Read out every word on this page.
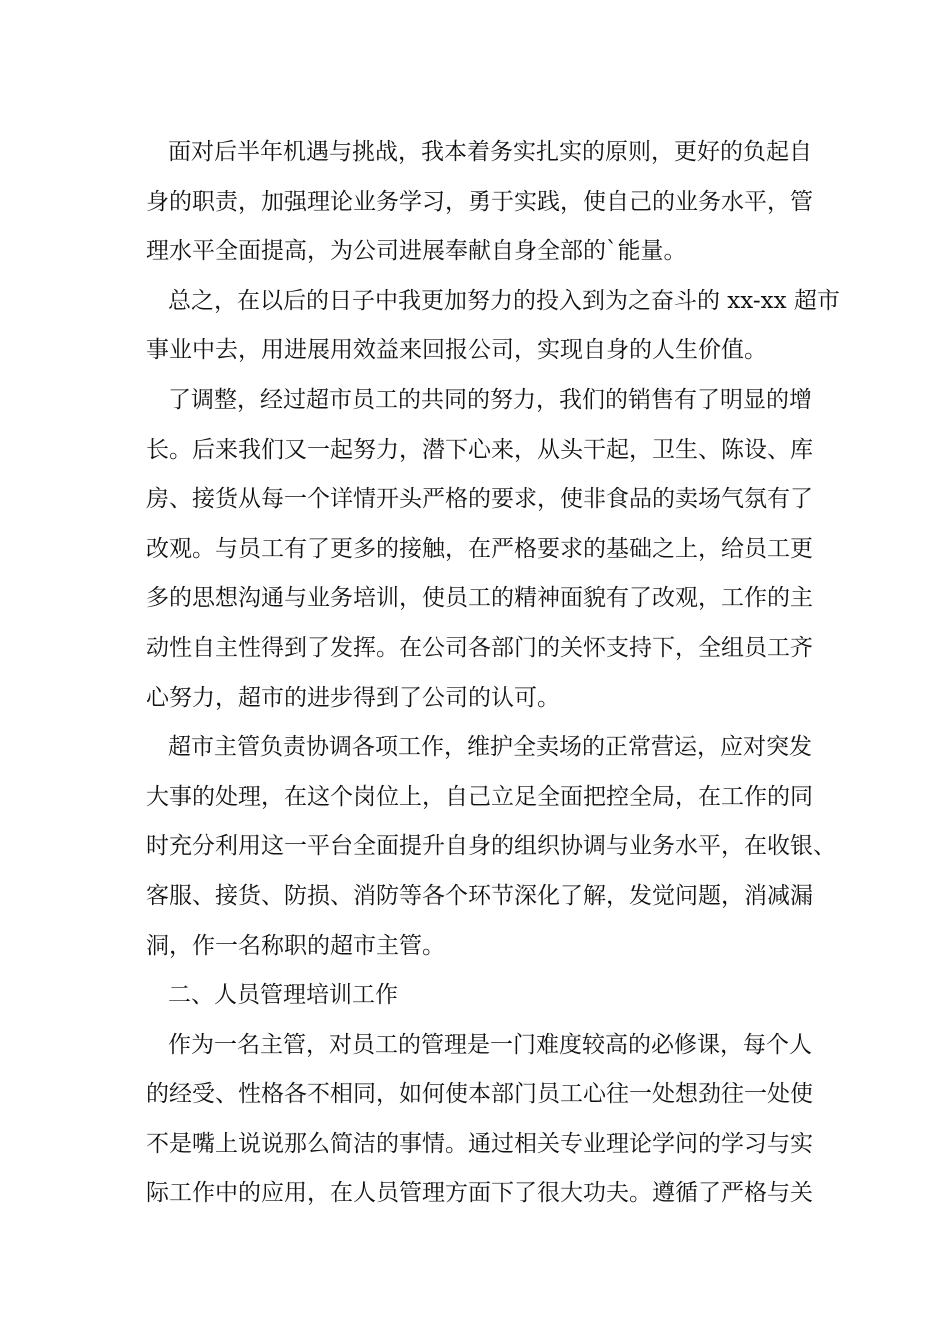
面对后半年机遇与挑战，我本着务实扎实的原则，更好的负起自
身的职责，加强理论业务学习，勇于实践，使自己的业务水平，管
理水平全面提高，为公司进展奉献自身全部的`能量。
总之，在以后的日子中我更加努力的投入到为之奋斗的 xx-xx 超市
事业中去，用进展用效益来回报公司，实现自身的人生价值。
了调整，经过超市员工的共同的努力，我们的销售有了明显的增
长。后来我们又一起努力，潜下心来，从头干起，卫生、陈设、库
房、接货从每一个详情开头严格的要求，使非食品的卖场气氛有了
改观。与员工有了更多的接触，在严格要求的基础之上，给员工更
多的思想沟通与业务培训，使员工的精神面貌有了改观，工作的主
动性自主性得到了发挥。在公司各部门的关怀支持下，全组员工齐
心努力，超市的进步得到了公司的认可。
超市主管负责协调各项工作，维护全卖场的正常营运，应对突发
大事的处理，在这个岗位上，自己立足全面把控全局，在工作的同
时充分利用这一平台全面提升自身的组织协调与业务水平，在收银、
客服、接货、防损、消防等各个环节深化了解，发觉问题，消减漏
洞，作一名称职的超市主管。
二、人员管理培训工作
作为一名主管，对员工的管理是一门难度较高的必修课，每个人
的经受、性格各不相同，如何使本部门员工心往一处想劲往一处使
不是嘴上说说那么简洁的事情。通过相关专业理论学问的学习与实
际工作中的应用，在人员管理方面下了很大功夫。遵循了严格与关
